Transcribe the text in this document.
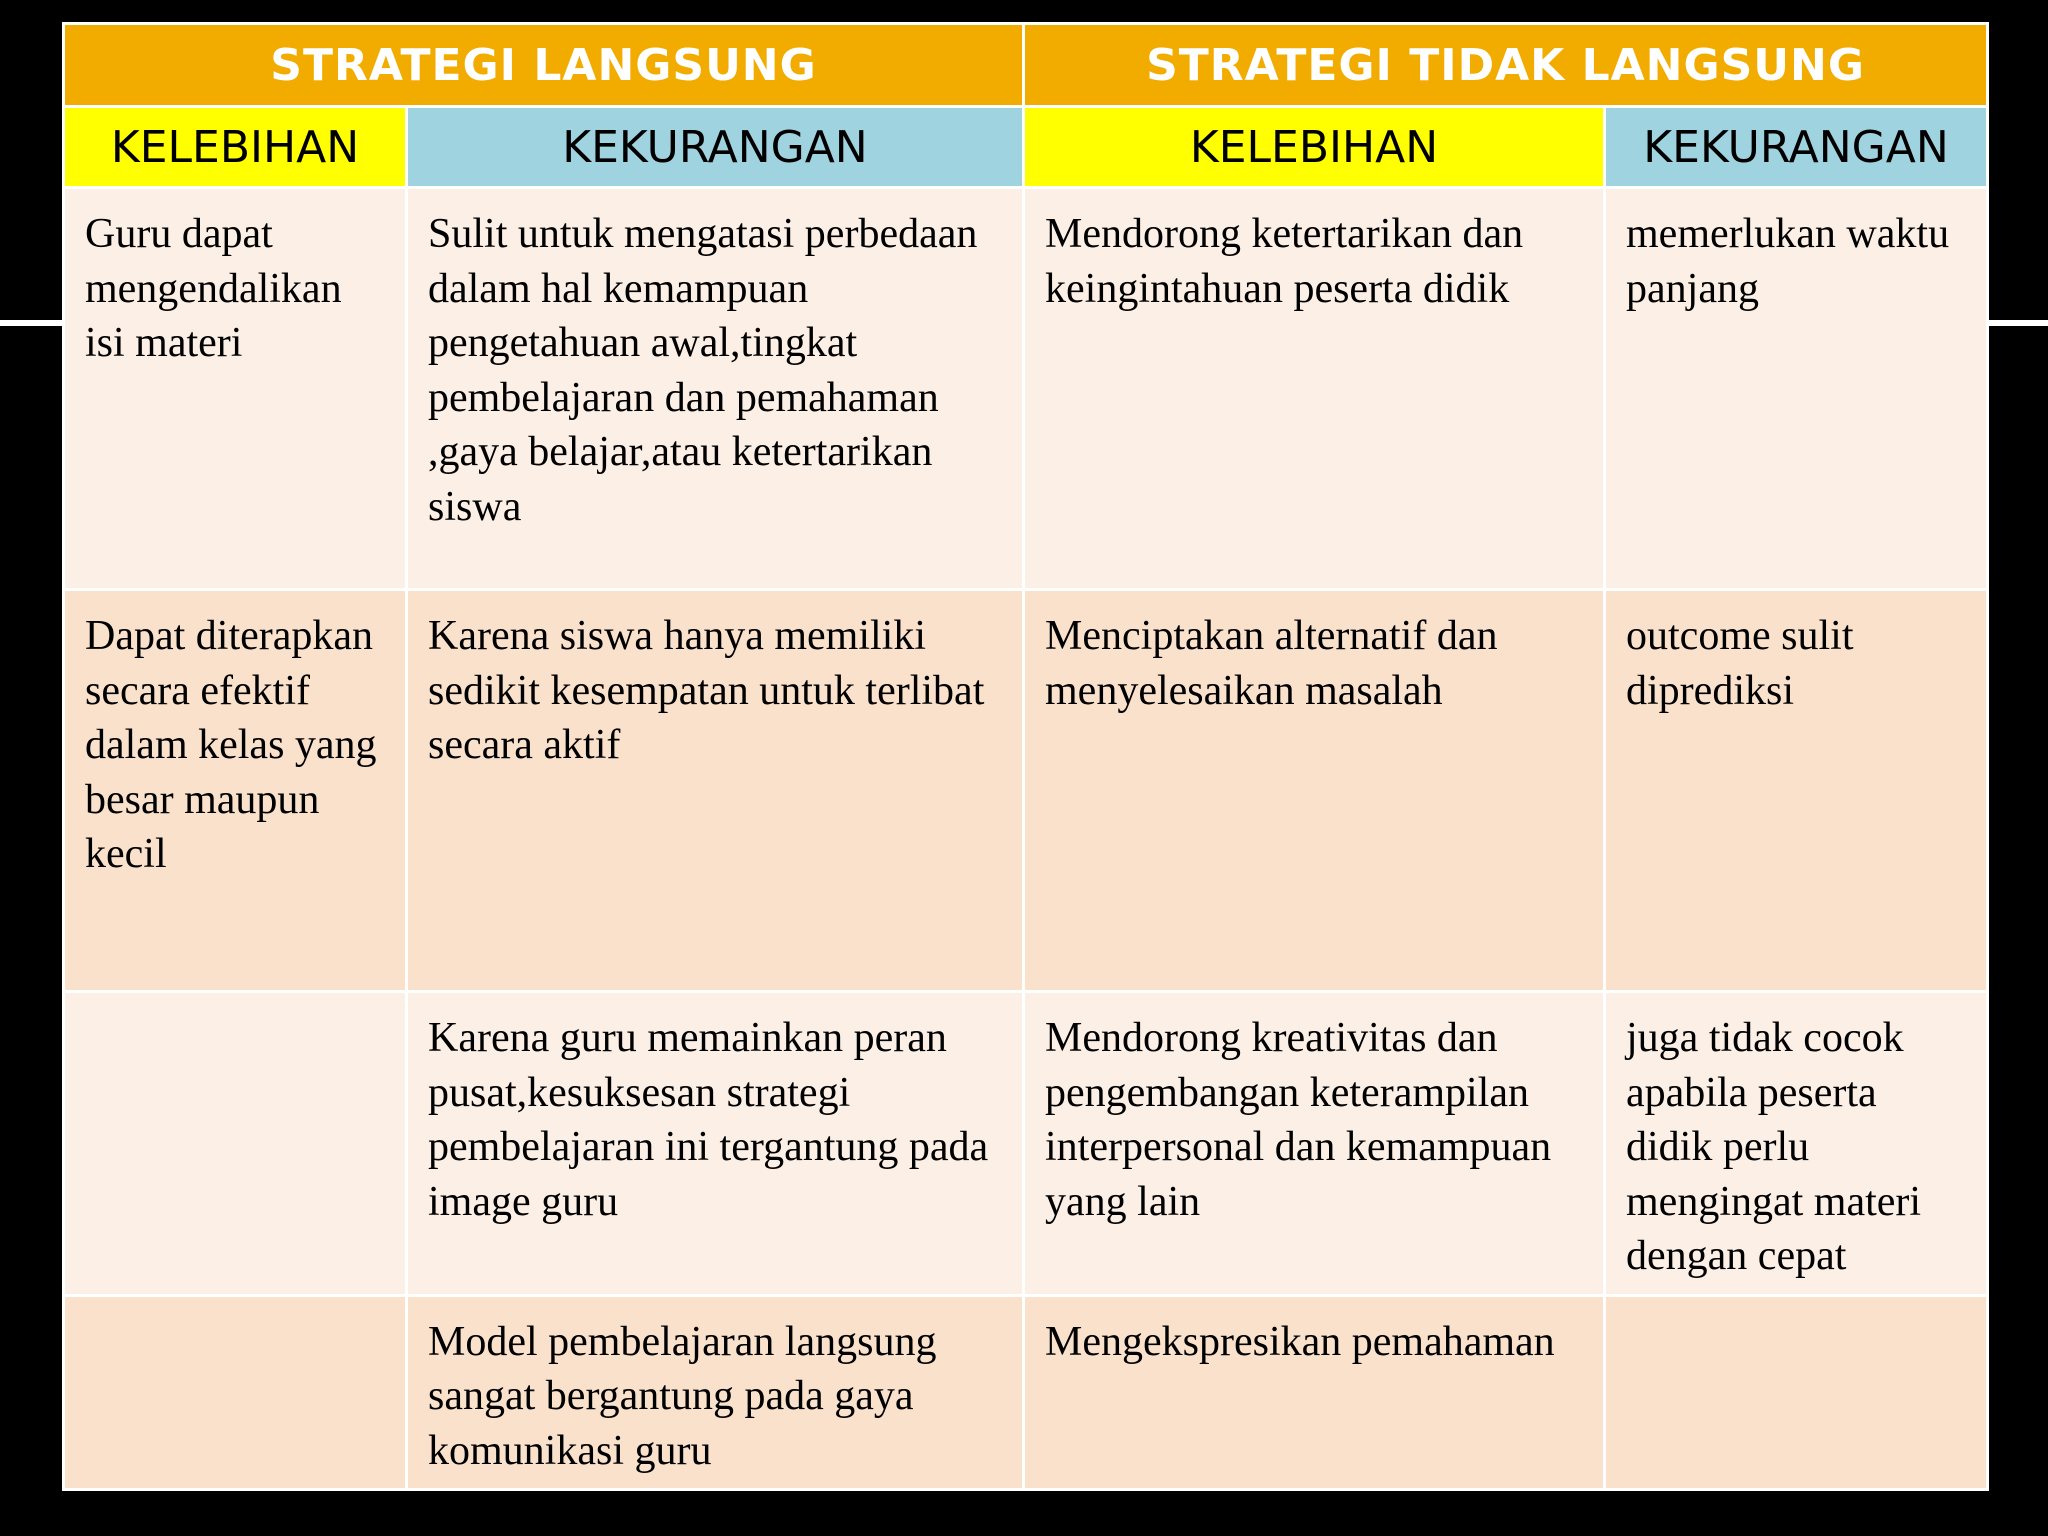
STRATEGI LANGSUNG		STRATEGI TIDAK LANGSUNG	
KELEBIHAN	KEKURANGAN	KELEBIHAN	KEKURANGAN
Guru dapat mengendalikan isi materi	Sulit untuk mengatasi perbedaan dalam hal kemampuan pengetahuan awal,tingkat pembelajaran dan pemahaman ,gaya belajar,atau ketertarikan siswa	Mendorong ketertarikan dan keingintahuan peserta didik	memerlukan waktu panjang
Dapat diterapkan secara efektif dalam kelas yang besar maupun kecil	Karena siswa hanya memiliki sedikit kesempatan untuk terlibat secara aktif	Menciptakan alternatif dan menyelesaikan masalah	outcome sulit diprediksi
	Karena guru memainkan peran pusat,kesuksesan strategi pembelajaran ini tergantung pada image guru	Mendorong kreativitas dan pengembangan keterampilan interpersonal dan kemampuan yang lain	juga tidak cocok apabila peserta didik perlu mengingat materi dengan cepat
	Model pembelajaran langsung sangat bergantung pada gaya komunikasi guru	Mengekspresikan pemahaman	
